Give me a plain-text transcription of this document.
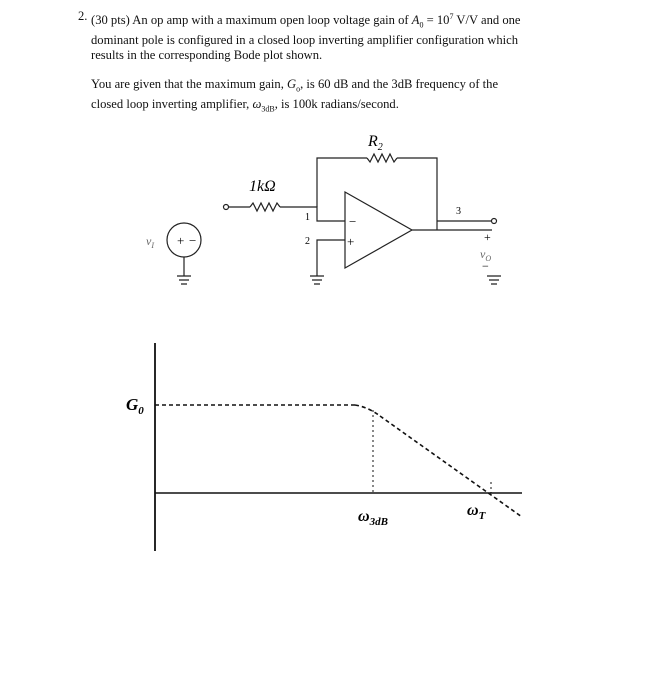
2. (30 pts) An op amp with a maximum open loop voltage gain of $A_0 = 10^7$ V/V and one
dominant pole is configured in a closed loop inverting amplifier configuration which
results in the corresponding Bode plot shown.

You are given that the maximum gain, $G_o$, is 60 dB and the 3dB frequency of the
closed loop inverting amplifier, $\omega_{3dB}$, is 100k radians/second.

$R_2$
1kΩ
$v_I$ + −
1
2
3
−
+	+
−
$v_O$
$G_0$
$\omega_{3dB}$
$\omega_T$
